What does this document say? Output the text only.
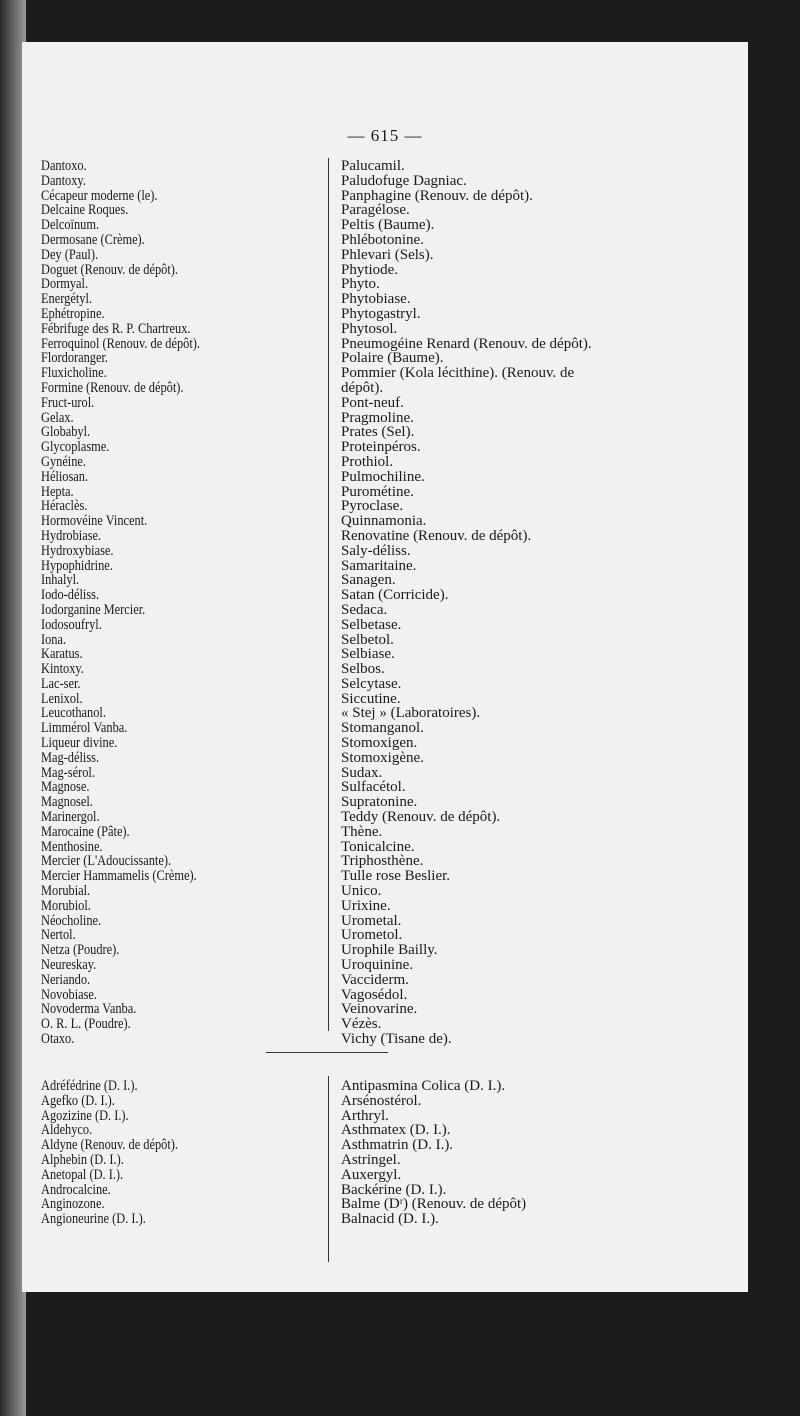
— 615 —
Dantoxo.
Dantoxy.
Cécapeur moderne (le).
Delcaine Roques.
Delcoïnum.
Dermosane (Crème).
Dey (Paul).
Doguet (Renouv. de dépôt).
Dormyal.
Energétyl.
Ephétropine.
Fébrifuge des R. P. Chartreux.
Ferroquinol (Renouv. de dépôt).
Flordoranger.
Fluxicholine.
Formine (Renouv. de dépôt).
Fruct-urol.
Gelax.
Globabyl.
Glycoplasme.
Gynéine.
Héliosan.
Hepta.
Héraclès.
Hormovéine Vincent.
Hydrobiase.
Hydroxybiase.
Hypophidrine.
Inhalyl.
Iodo-déliss.
Iodorganine Mercier.
Iodosoufryl.
Iona.
Karatus.
Kintoxy.
Lac-ser.
Lenixol.
Leucothanol.
Limmérol Vanba.
Liqueur divine.
Mag-déliss.
Mag-sérol.
Magnose.
Magnosel.
Marinergol.
Marocaine (Pâte).
Menthosine.
Mercier (L'Adoucissante).
Mercier Hammamelis (Crème).
Morubial.
Morubiol.
Néocholine.
Nertol.
Netza (Poudre).
Neureskay.
Neriando.
Novobiase.
Novoderma Vanba.
O. R. L. (Poudre).
Otaxo.
Palucamil.
Paludofuge Dagniac.
Panphagine (Renouv. de dépôt).
Paragélose.
Peltis (Baume).
Phlébotonine.
Phlevari (Sels).
Phytiode.
Phyto.
Phytobiase.
Phytogastryl.
Phytosol.
Pneumogéine Renard (Renouv. de dépôt).
Polaire (Baume).
Pommier (Kola lécithine). (Renouv. de
dépôt).
Pont-neuf.
Pragmoline.
Prates (Sel).
Proteinpéros.
Prothiol.
Pulmochiline.
Purométine.
Pyroclase.
Quinnamonia.
Renovatine (Renouv. de dépôt).
Saly-déliss.
Samaritaine.
Sanagen.
Satan (Corricide).
Sedaca.
Selbetase.
Selbetol.
Selbiase.
Selbos.
Selcytase.
Siccutine.
« Stej » (Laboratoires).
Stomanganol.
Stomoxigen.
Stomoxigène.
Sudax.
Sulfacétol.
Supratonine.
Teddy (Renouv. de dépôt).
Thène.
Tonicalcine.
Triphosthène.
Tulle rose Beslier.
Unico.
Urixine.
Urometal.
Urometol.
Urophile Bailly.
Uroquinine.
Vacciderm.
Vagosédol.
Veinovarine.
Vézès.
Vichy (Tisane de).
Adréfédrine (D. I.).
Agefko (D. I.).
Agozizine (D. I.).
Aldehyco.
Aldyne (Renouv. de dépôt).
Alphebin (D. I.).
Anetopal (D. I.).
Androcalcine.
Anginozone.
Angioneurine (D. I.).
Antipasmina Colica (D. I.).
Arsénostérol.
Arthryl.
Asthmatex (D. I.).
Asthmatrin (D. I.).
Astringel.
Auxergyl.
Backérine (D. I.).
Balme (Dʳ) (Renouv. de dépôt)
Balnacid (D. I.).
